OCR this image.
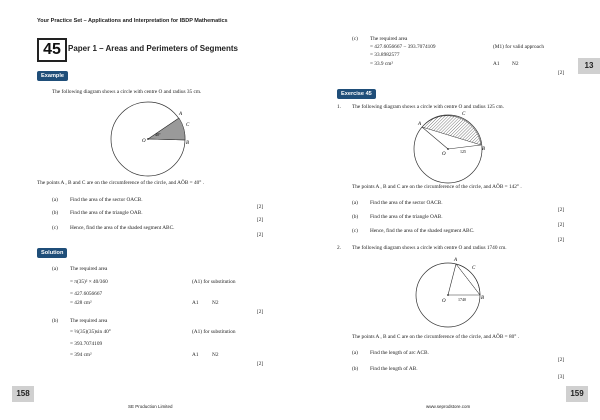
Your Practice Set – Applications and Interpretation for IBDP Mathematics
45 Paper 1 – Areas and Perimeters of Segments
Example
The following diagram shows a circle with centre O and radius 35 cm.
A
B
C
O
40°
The points A , B and C are on the circumference of the circle, and AÔB = 40° .
(a) Find the area of the sector OACB.
[2]
(b) Find the area of the triangle OAB.
[2]
(c) Hence, find the area of the shaded segment ABC.
[2]
Solution
(a) The required area
= π(35)² × 40/360	(A1) for substitution
= 427.6056667
= 428 cm²	A1	N2
[2]
(b) The required area
= ½(35)(35)sin 40°	(A1) for substitution
= 393.7074109
= 394 cm²	A1	N2
[2]
158
SE Production Limited
(c) The required area
= 427.6056667 − 393.7074109	(M1) for valid approach
= 33.8982577
= 33.9 cm²	A1 N2
[2]
13
Exercise 45
1. The following diagram shows a circle with centre O and radius 125 cm.
A
B
C
O
125
The points A , B and C are on the circumference of the circle, and AÔB = 142° .
(a) Find the area of the sector OACB.
[2]
(b) Find the area of the triangle OAB.
[2]
(c) Hence, find the area of the shaded segment ABC.
[2]
2. The following diagram shows a circle with centre O and radius 1740 cm.
A
B
C
O	1740
The points A , B and C are on the circumference of the circle, and AÔB = 80° .
(a) Find the length of arc ACB.
[2]
(b) Find the length of AB.
[3]
159
www.seprodstore.com
